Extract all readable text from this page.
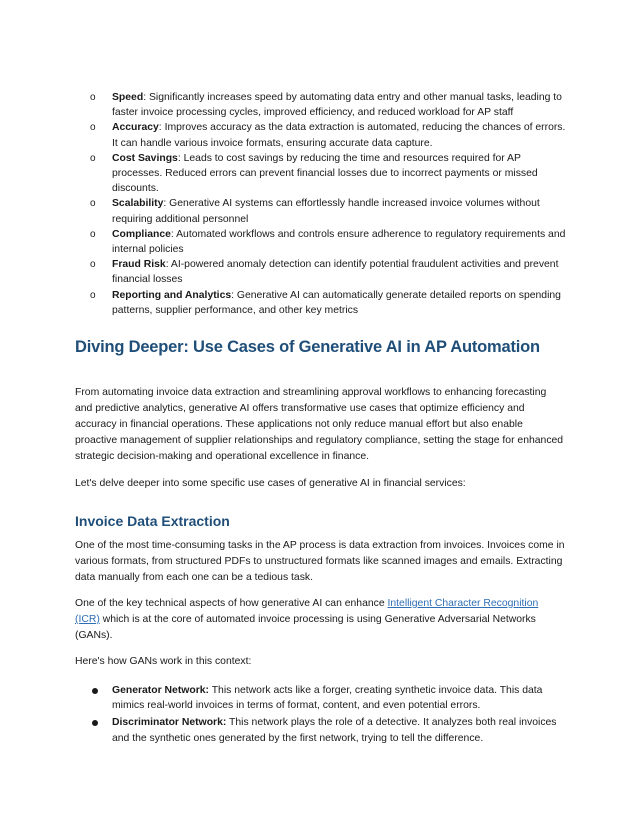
o Speed: Significantly increases speed by automating data entry and other manual tasks, leading to faster invoice processing cycles, improved efficiency, and reduced workload for AP staff
o Accuracy: Improves accuracy as the data extraction is automated, reducing the chances of errors. It can handle various invoice formats, ensuring accurate data capture.
o Cost Savings: Leads to cost savings by reducing the time and resources required for AP processes. Reduced errors can prevent financial losses due to incorrect payments or missed discounts.
o Scalability: Generative AI systems can effortlessly handle increased invoice volumes without requiring additional personnel
o Compliance: Automated workflows and controls ensure adherence to regulatory requirements and internal policies
o Fraud Risk: AI-powered anomaly detection can identify potential fraudulent activities and prevent financial losses
o Reporting and Analytics: Generative AI can automatically generate detailed reports on spending patterns, supplier performance, and other key metrics
Diving Deeper: Use Cases of Generative AI in AP Automation

From automating invoice data extraction and streamlining approval workflows to enhancing forecasting and predictive analytics, generative AI offers transformative use cases that optimize efficiency and accuracy in financial operations. These applications not only reduce manual effort but also enable proactive management of supplier relationships and regulatory compliance, setting the stage for enhanced strategic decision-making and operational excellence in finance.

Let's delve deeper into some specific use cases of generative AI in financial services:

Invoice Data Extraction

One of the most time-consuming tasks in the AP process is data extraction from invoices. Invoices come in various formats, from structured PDFs to unstructured formats like scanned images and emails. Extracting data manually from each one can be a tedious task.

One of the key technical aspects of how generative AI can enhance Intelligent Character Recognition (ICR) which is at the core of automated invoice processing is using Generative Adversarial Networks (GANs).

Here's how GANs work in this context:

Generator Network: This network acts like a forger, creating synthetic invoice data. This data mimics real-world invoices in terms of format, content, and even potential errors.
Discriminator Network: This network plays the role of a detective. It analyzes both real invoices and the synthetic ones generated by the first network, trying to tell the difference.
